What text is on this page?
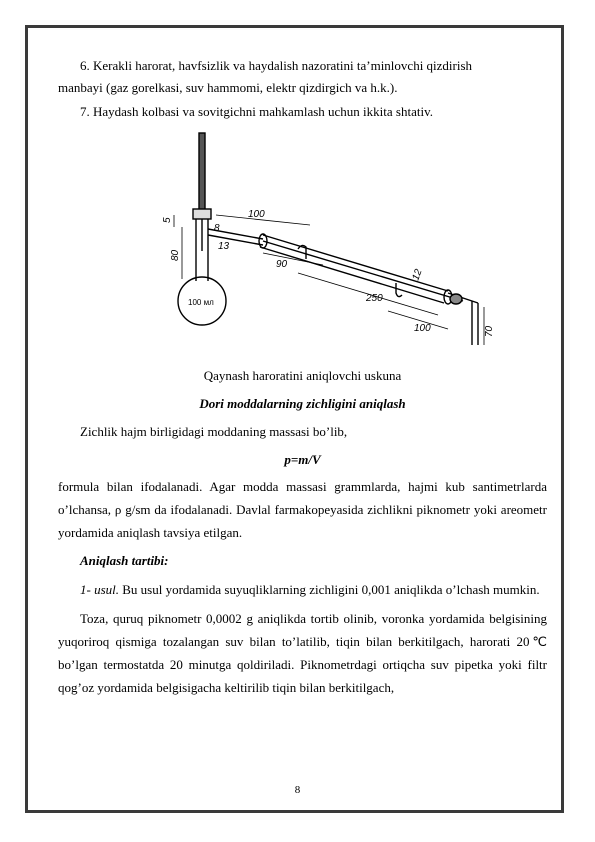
6. Kerakli harorat, havfsizlik va haydalish nazoratini ta’minlovchi qizdirish

manbayi (gaz gorelkasi, suv hammomi, elektr qizdirgich va h.k.).

7. Haydash kolbasi va sovitgichni mahkamlash uchun ikkita shtativ.

100
8
13
5
80
90
250
12
100	70
100 мл

Qaynash haroratini aniqlovchi uskuna

Dori moddalarning zichligini aniqlash

Zichlik hajm birligidagi moddaning massasi bo’lib,

p=m/V

formula bilan ifodalanadi. Agar modda massasi grammlarda, hajmi kub santimetrlarda o’lchansa, ρ g/sm da ifodalanadi. Davlal farmakopeyasida zichlikni piknometr yoki areometr yordamida aniqlash tavsiya etilgan.

Aniqlash tartibi:

1- usul. Bu usul yordamida suyuqliklarning zichligini 0,001 aniqlikda o’lchash mumkin.

Toza, quruq piknometr 0,0002 g aniqlikda tortib olinib, voronka yordamida belgisining yuqoriroq qismiga tozalangan suv bilan to’latilib, tiqin bilan berkitilgach, harorati 20℃ bo’lgan termostatda 20 minutga qoldiriladi. Piknometrdagi ortiqcha suv pipetka yoki filtr qog’oz yordamida belgisigacha keltirilib tiqin bilan berkitilgach,

8
